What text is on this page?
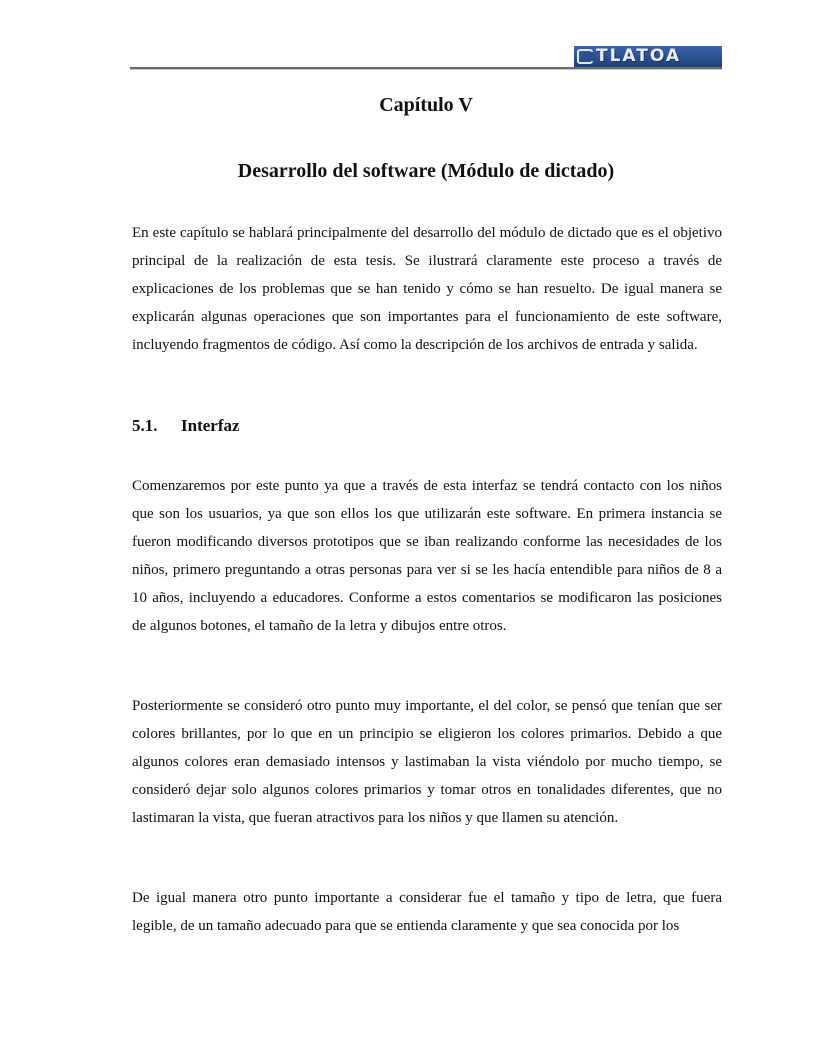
TLATOA
Capítulo V
Desarrollo del software (Módulo de dictado)

En este capítulo se hablará principalmente del desarrollo del módulo de dictado que es el objetivo principal de la realización de esta tesis. Se ilustrará claramente este proceso a través de explicaciones de los problemas que se han tenido y cómo se han resuelto. De igual manera se explicarán algunas operaciones que son importantes para el funcionamiento de este software, incluyendo fragmentos de código. Así como la descripción de los archivos de entrada y salida.

5.1. Interfaz

Comenzaremos por este punto ya que a través de esta interfaz se tendrá contacto con los niños que son los usuarios, ya que son ellos los que utilizarán este software. En primera instancia se fueron modificando diversos prototipos que se iban realizando conforme las necesidades de los niños, primero preguntando a otras personas para ver si se les hacía entendible para niños de 8 a 10 años, incluyendo a educadores. Conforme a estos comentarios se modificaron las posiciones de algunos botones, el tamaño de la letra y dibujos entre otros.

Posteriormente se consideró otro punto muy importante, el del color, se pensó que tenían que ser colores brillantes, por lo que en un principio se eligieron los colores primarios. Debido a que algunos colores eran demasiado intensos y lastimaban la vista viéndolo por mucho tiempo, se consideró dejar solo algunos colores primarios y tomar otros en tonalidades diferentes, que no lastimaran la vista, que fueran atractivos para los niños y que llamen su atención.

De igual manera otro punto importante a considerar fue el tamaño y tipo de letra, que fuera legible, de un tamaño adecuado para que se entienda claramente y que sea conocida por los
